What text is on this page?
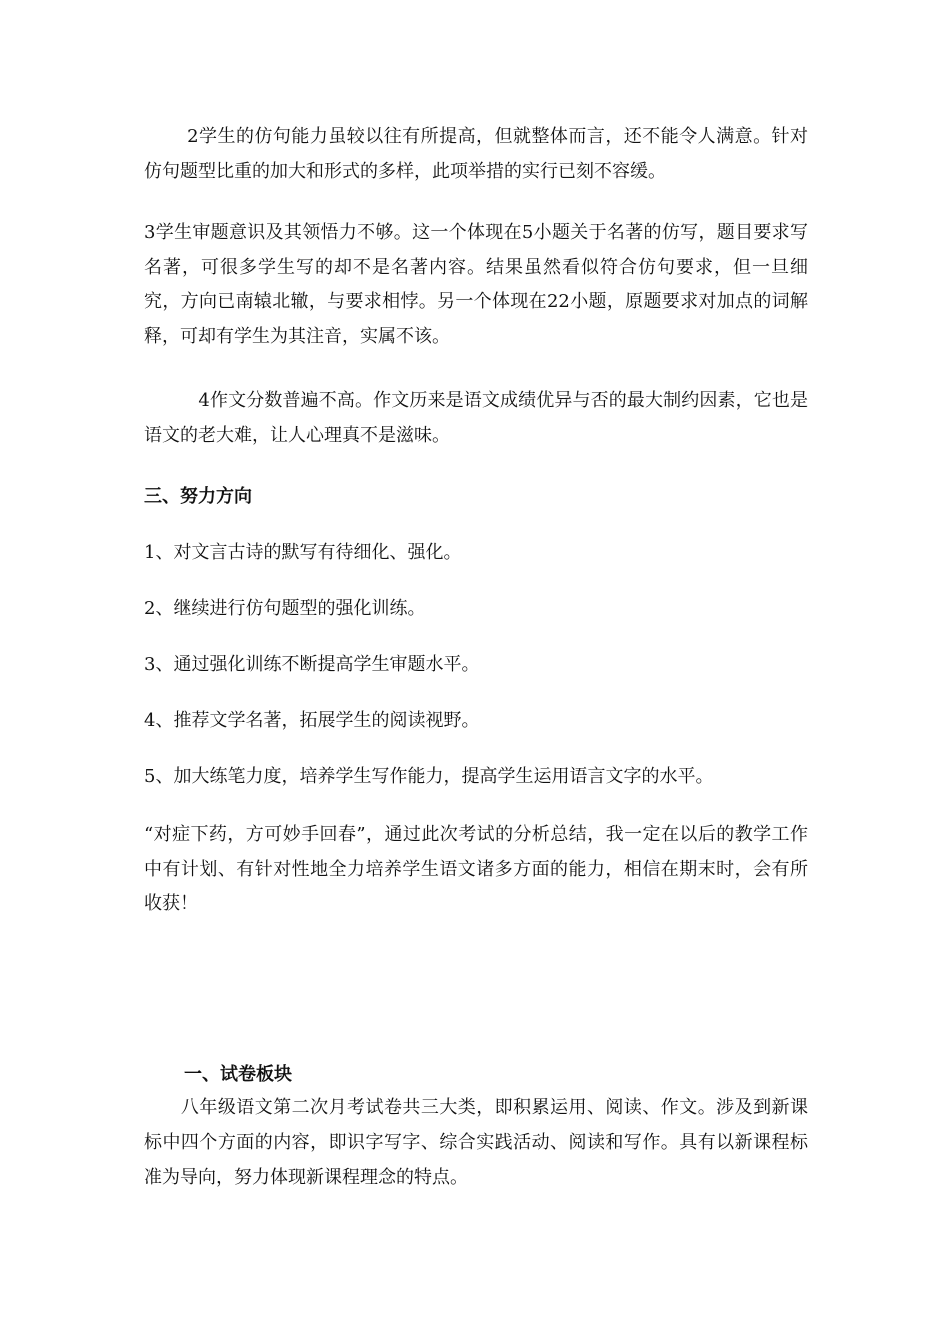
　　 2学生的仿句能力虽较以往有所提高，但就整体而言，还不能令人满意。针对仿句题型比重的加大和形式的多样，此项举措的实行已刻不容缓。

3学生审题意识及其领悟力不够。这一个体现在5小题关于名著的仿写，题目要求写名著，可很多学生写的却不是名著内容。结果虽然看似符合仿句要求，但一旦细究，方向已南辕北辙，与要求相悖。另一个体现在22小题，原题要求对加点的词解释，可却有学生为其注音，实属不该。

　　　4作文分数普遍不高。作文历来是语文成绩优异与否的最大制约因素，它也是语文的老大难，让人心理真不是滋味。

三、努力方向

1、对文言古诗的默写有待细化、强化。

2、继续进行仿句题型的强化训练。

3、通过强化训练不断提高学生审题水平。

4、推荐文学名著，拓展学生的阅读视野。

5、加大练笔力度，培养学生写作能力，提高学生运用语言文字的水平。

“对症下药，方可妙手回春”，通过此次考试的分析总结，我一定在以后的教学工作中有计划、有针对性地全力培养学生语文诸多方面的能力，相信在期末时，会有所收获！

一、试卷板块

　　八年级语文第二次月考试卷共三大类，即积累运用、阅读、作文。涉及到新课标中四个方面的内容，即识字写字、综合实践活动、阅读和写作。具有以新课程标准为导向，努力体现新课程理念的特点。
